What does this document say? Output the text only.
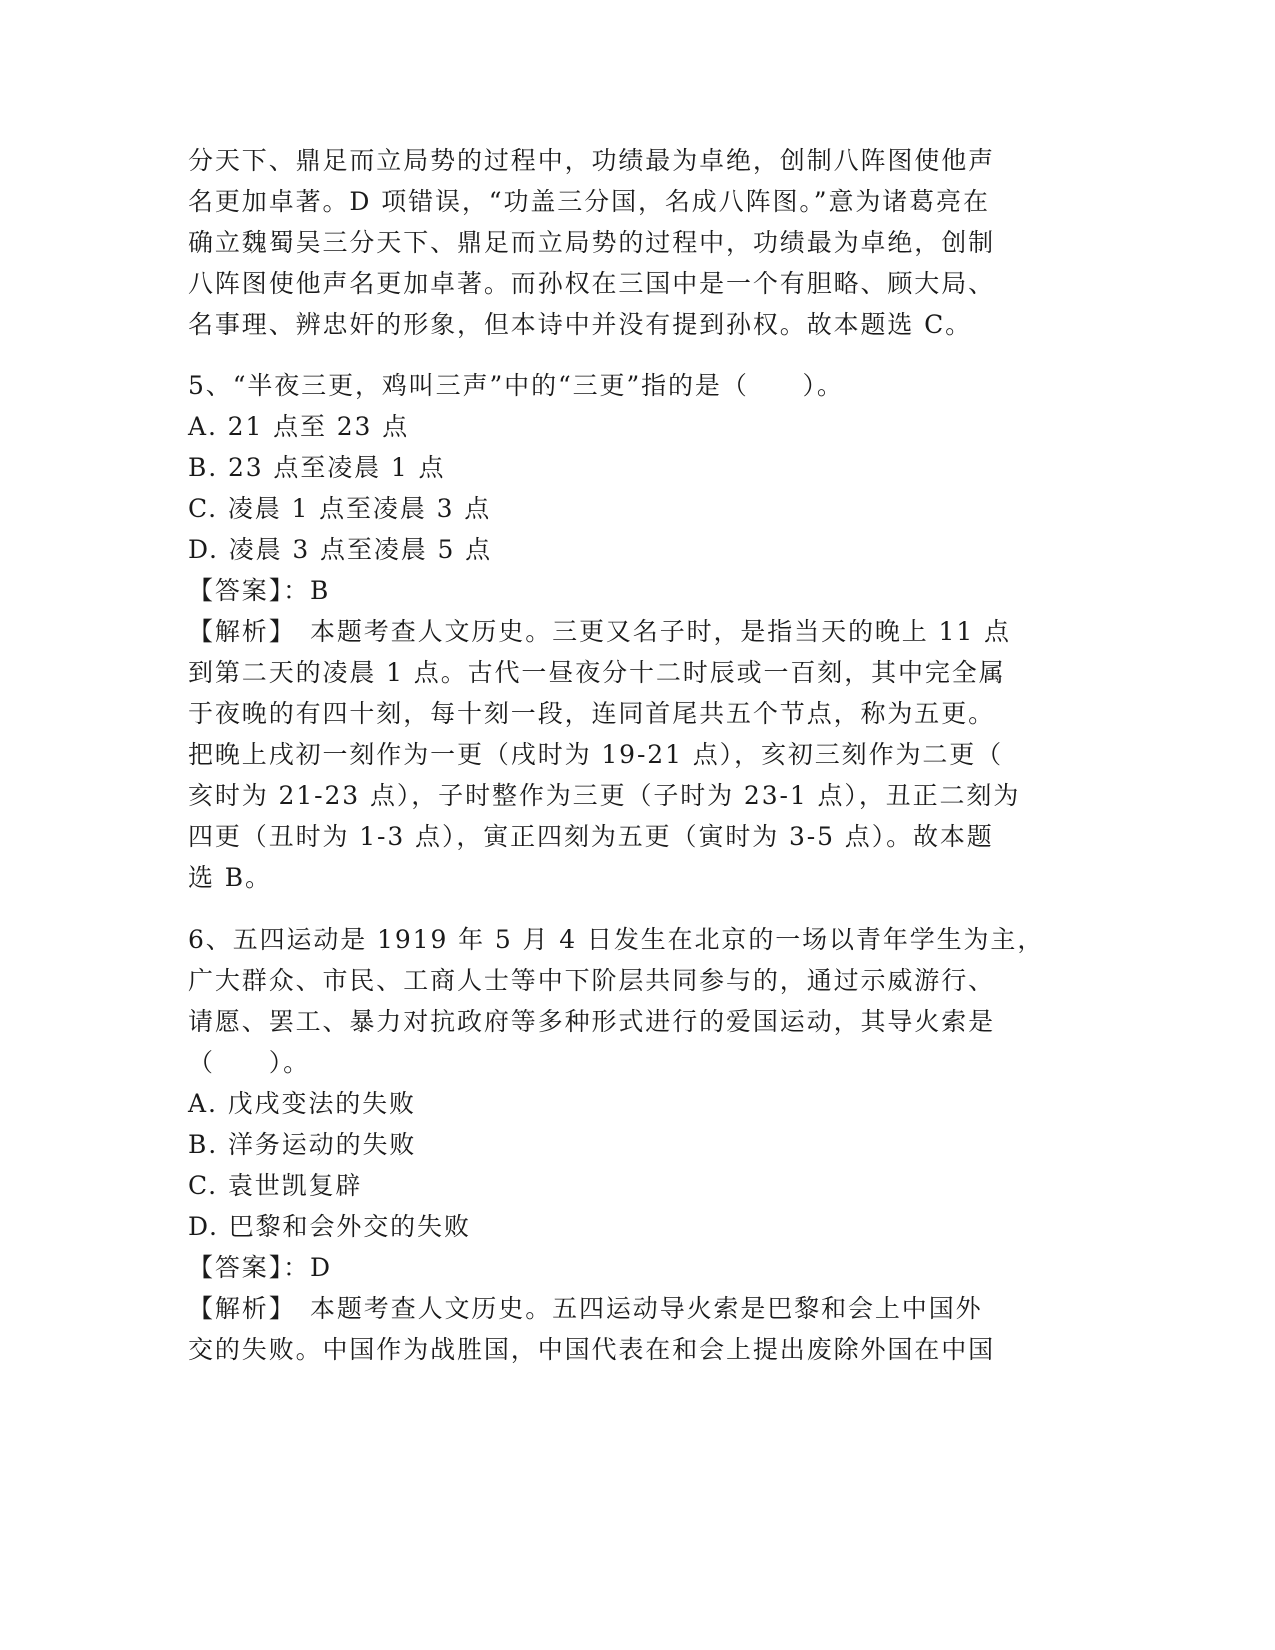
分天下、鼎足而立局势的过程中，功绩最为卓绝，创制八阵图使他声
名更加卓著。D 项错误，“功盖三分国，名成八阵图。”意为诸葛亮在
确立魏蜀吴三分天下、鼎足而立局势的过程中，功绩最为卓绝，创制
八阵图使他声名更加卓著。而孙权在三国中是一个有胆略、顾大局、
名事理、辨忠奸的形象，但本诗中并没有提到孙权。故本题选 C。
5、“半夜三更，鸡叫三声”中的“三更”指的是（　　）。
A. 21 点至 23 点
B. 23 点至凌晨 1 点
C. 凌晨 1 点至凌晨 3 点
D. 凌晨 3 点至凌晨 5 点
【答案】：B
【解析】　本题考查人文历史。三更又名子时，是指当天的晚上 11 点
到第二天的凌晨 1 点。古代一昼夜分十二时辰或一百刻，其中完全属
于夜晚的有四十刻，每十刻一段，连同首尾共五个节点，称为五更。
把晚上戌初一刻作为一更（戌时为 19-21 点），亥初三刻作为二更（
亥时为 21-23 点），子时整作为三更（子时为 23-1 点），丑正二刻为
四更（丑时为 1-3 点），寅正四刻为五更（寅时为 3-5 点）。故本题
选 B。
6、五四运动是 1919 年 5 月 4 日发生在北京的一场以青年学生为主，
广大群众、市民、工商人士等中下阶层共同参与的，通过示威游行、
请愿、罢工、暴力对抗政府等多种形式进行的爱国运动，其导火索是
（　　）。
A. 戊戌变法的失败
B. 洋务运动的失败
C. 袁世凯复辟
D. 巴黎和会外交的失败
【答案】：D
【解析】　本题考查人文历史。五四运动导火索是巴黎和会上中国外
交的失败。中国作为战胜国，中国代表在和会上提出废除外国在中国
